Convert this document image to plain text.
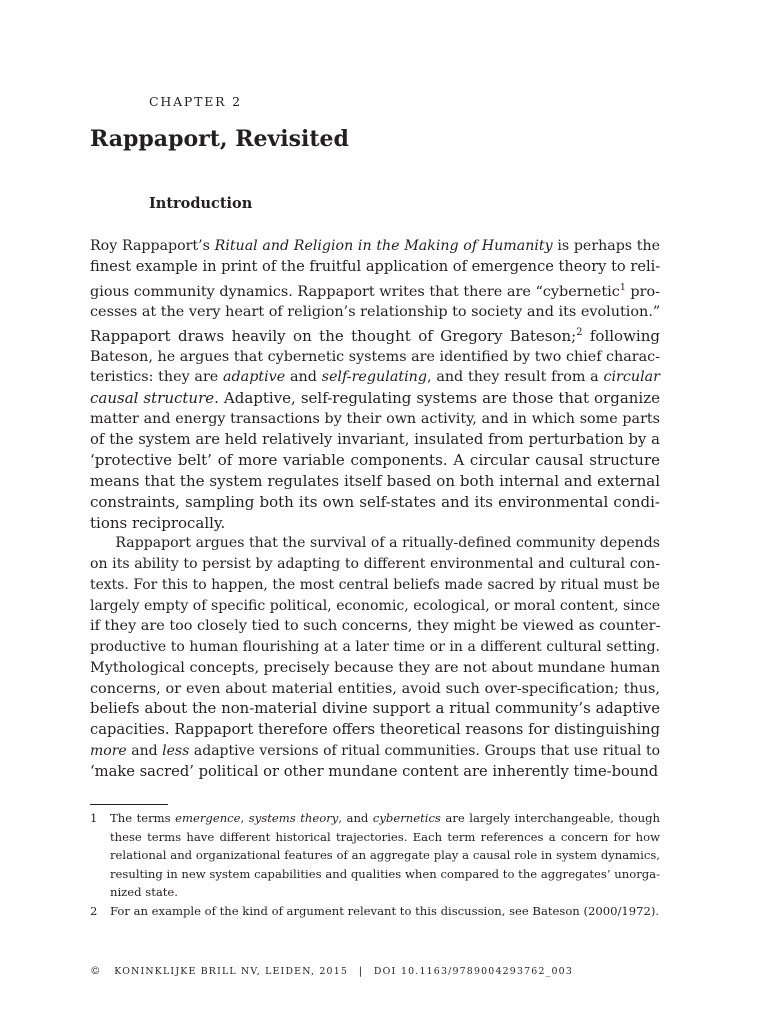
CHAPTER 2
Rappaport, Revisited
Introduction
Roy Rappaport’s Ritual and Religion in the Making of Humanity is perhaps the
finest example in print of the fruitful application of emergence theory to reli-
gious community dynamics. Rappaport writes that there are “cybernetic$^1$ pro-
cesses at the very heart of religion’s relationship to society and its evolution.”
Rappaport draws heavily on the thought of Gregory Bateson;$^2$ following
Bateson, he argues that cybernetic systems are identified by two chief charac-
teristics: they are adaptive and self-regulating, and they result from a circular
causal structure. Adaptive, self-regulating systems are those that organize
matter and energy transactions by their own activity, and in which some parts
of the system are held relatively invariant, insulated from perturbation by a
‘protective belt’ of more variable components. A circular causal structure
means that the system regulates itself based on both internal and external
constraints, sampling both its own self-states and its environmental condi-
tions reciprocally.
Rappaport argues that the survival of a ritually-defined community depends
on its ability to persist by adapting to different environmental and cultural con-
texts. For this to happen, the most central beliefs made sacred by ritual must be
largely empty of specific political, economic, ecological, or moral content, since
if they are too closely tied to such concerns, they might be viewed as counter-
productive to human flourishing at a later time or in a different cultural setting.
Mythological concepts, precisely because they are not about mundane human
concerns, or even about material entities, avoid such over-specification; thus,
beliefs about the non-material divine support a ritual community’s adaptive
capacities. Rappaport therefore offers theoretical reasons for distinguishing
more and less adaptive versions of ritual communities. Groups that use ritual to
‘make sacred’ political or other mundane content are inherently time-bound
1 The terms emergence, systems theory, and cybernetics are largely interchangeable, though
these terms have different historical trajectories. Each term references a concern for how
relational and organizational features of an aggregate play a causal role in system dynamics,
resulting in new system capabilities and qualities when compared to the aggregates’ unorga-
nized state.
2 For an example of the kind of argument relevant to this discussion, see Bateson (2000/1972).
© KONINKLIJKE BRILL NV, LEIDEN, 2015 | DOI 10.1163/9789004293762_003
